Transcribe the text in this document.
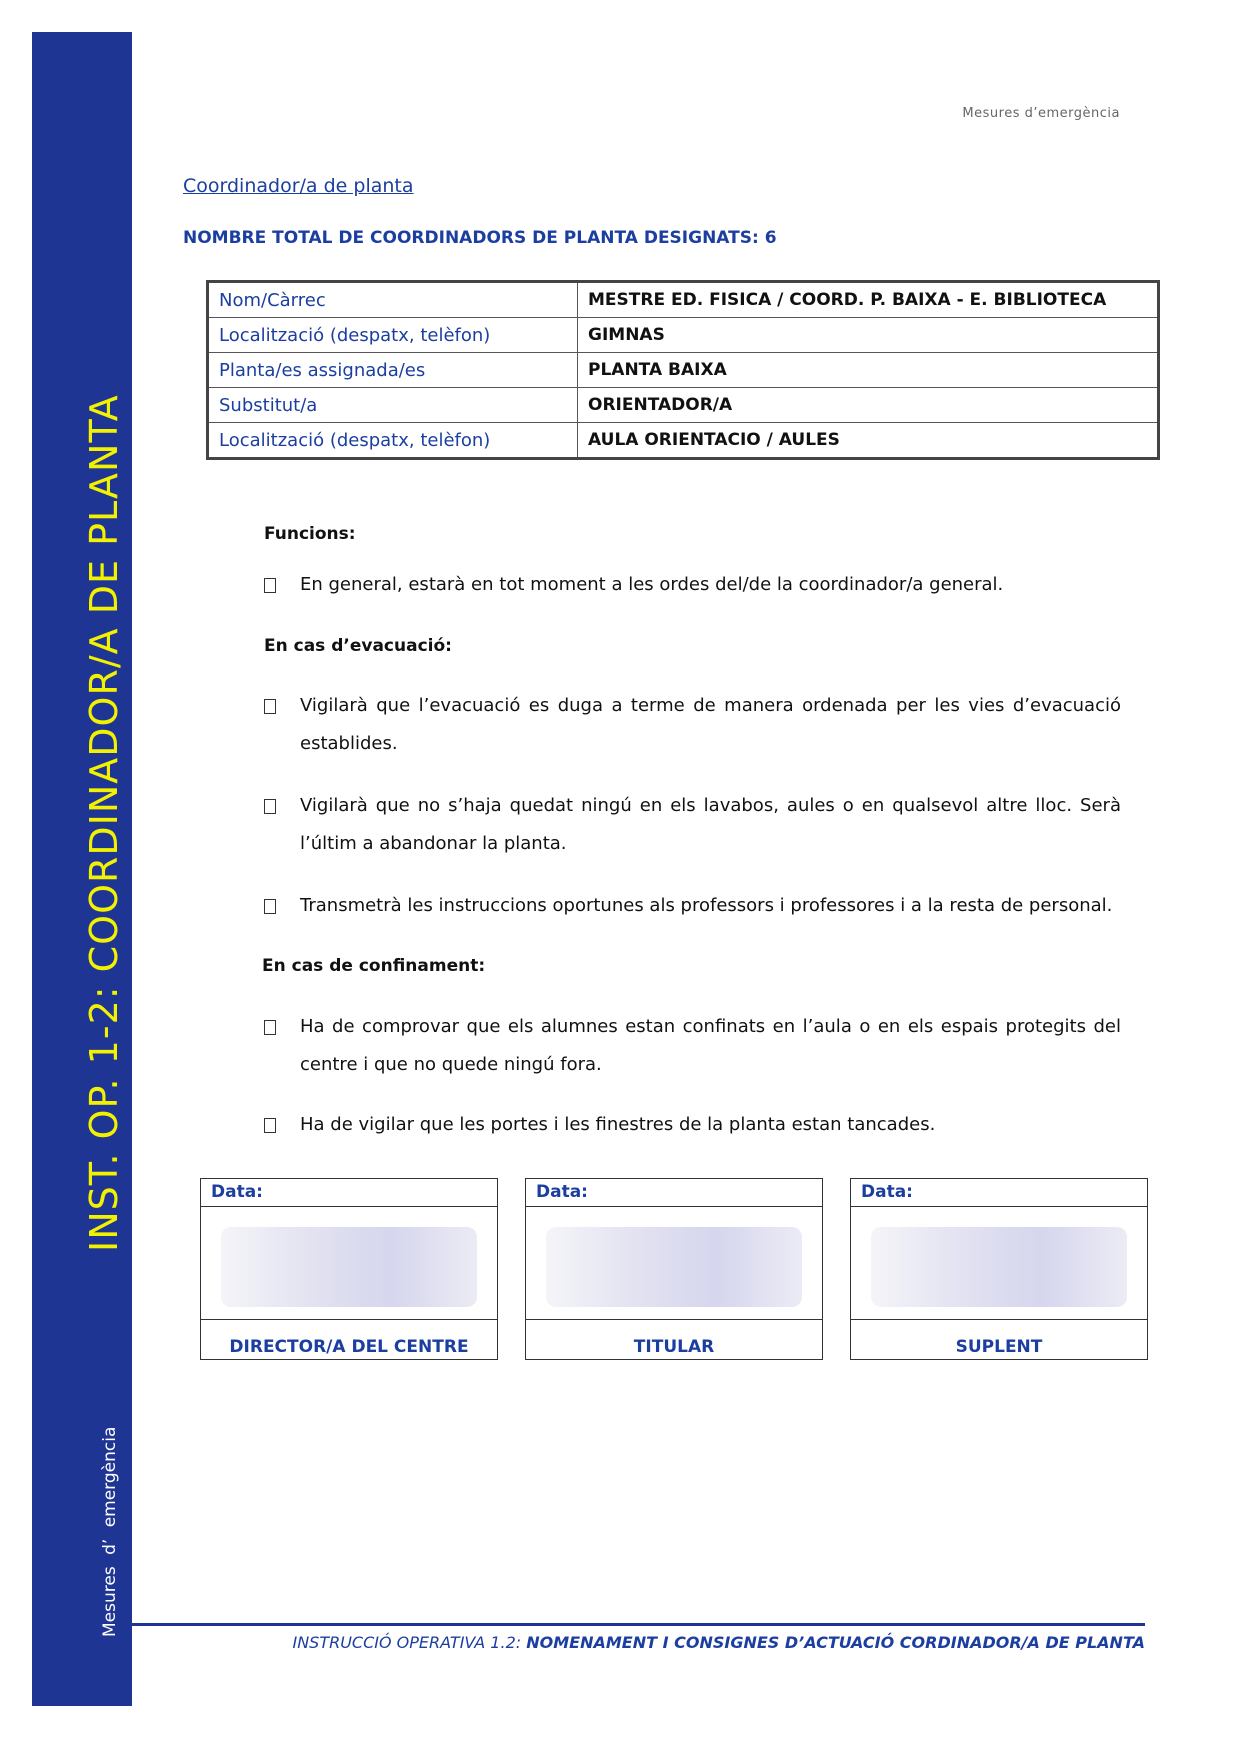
INST. OP. 1-2: COORDINADOR/A DE PLANTA
Mesures d’ emergència
Mesures d’emergència
Coordinador/a de planta
NOMBRE TOTAL DE COORDINADORS DE PLANTA DESIGNATS: 6
Nom/Càrrec	MESTRE ED. FISICA / COORD. P. BAIXA - E. BIBLIOTECA
Localització (despatx, telèfon)	GIMNAS
Planta/es assignada/es	PLANTA BAIXA
Substitut/a	ORIENTADOR/A
Localització (despatx, telèfon)	AULA ORIENTACIO / AULES
Funcions:
En general, estarà en tot moment a les ordes del/de la coordinador/a general.
En cas d’evacuació:
Vigilarà que l’evacuació es duga a terme de manera ordenada per les vies d’evacuació establides.
Vigilarà que no s’haja quedat ningú en els lavabos, aules o en qualsevol altre lloc. Serà l’últim a abandonar la planta.
Transmetrà les instruccions oportunes als professors i professores i a la resta de personal.
En cas de confinament:
Ha de comprovar que els alumnes estan confinats en l’aula o en els espais protegits del centre i que no quede ningú fora.
Ha de vigilar que les portes i les finestres de la planta estan tancades.
Data:
DIRECTOR/A DEL CENTRE
Data:
TITULAR
Data:
SUPLENT
INSTRUCCIÓ OPERATIVA 1.2: NOMENAMENT I CONSIGNES D’ACTUACIÓ CORDINADOR/A DE PLANTA
